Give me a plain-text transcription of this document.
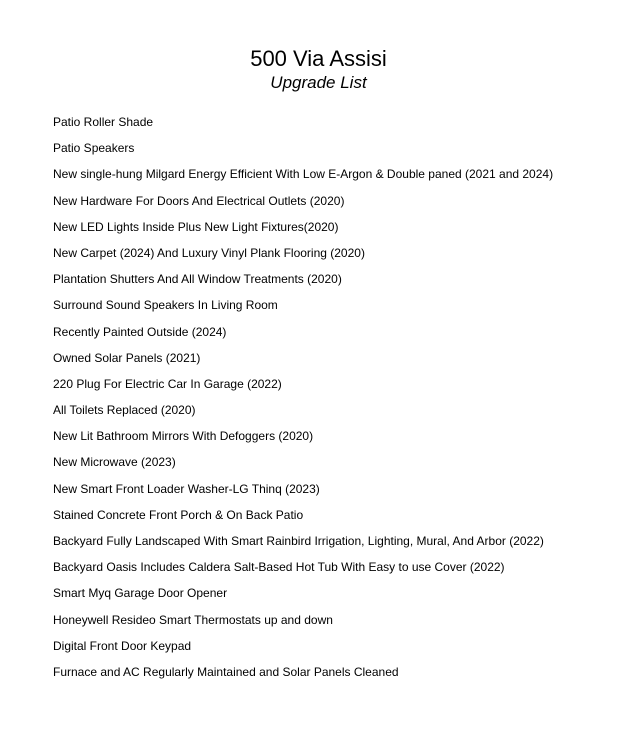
500 Via Assisi
Upgrade List
Patio Roller Shade
Patio Speakers
New single-hung Milgard Energy Efficient With Low E-Argon & Double paned (2021 and 2024)
New Hardware For Doors And Electrical Outlets (2020)
New LED Lights Inside Plus New Light Fixtures(2020)
New Carpet (2024) And Luxury Vinyl Plank Flooring (2020)
Plantation Shutters And All Window Treatments (2020)
Surround Sound Speakers In Living Room
Recently Painted Outside (2024)
Owned Solar Panels (2021)
220 Plug For Electric Car In Garage (2022)
All Toilets Replaced (2020)
New Lit Bathroom Mirrors With Defoggers (2020)
New Microwave (2023)
New Smart Front Loader Washer-LG Thinq (2023)
Stained Concrete Front Porch & On Back Patio
Backyard Fully Landscaped With Smart Rainbird Irrigation, Lighting, Mural, And Arbor (2022)
Backyard Oasis Includes Caldera Salt-Based Hot Tub With Easy to use Cover (2022)
Smart Myq Garage Door Opener
Honeywell Resideo Smart Thermostats up and down
Digital Front Door Keypad
Furnace and AC Regularly Maintained and Solar Panels Cleaned
